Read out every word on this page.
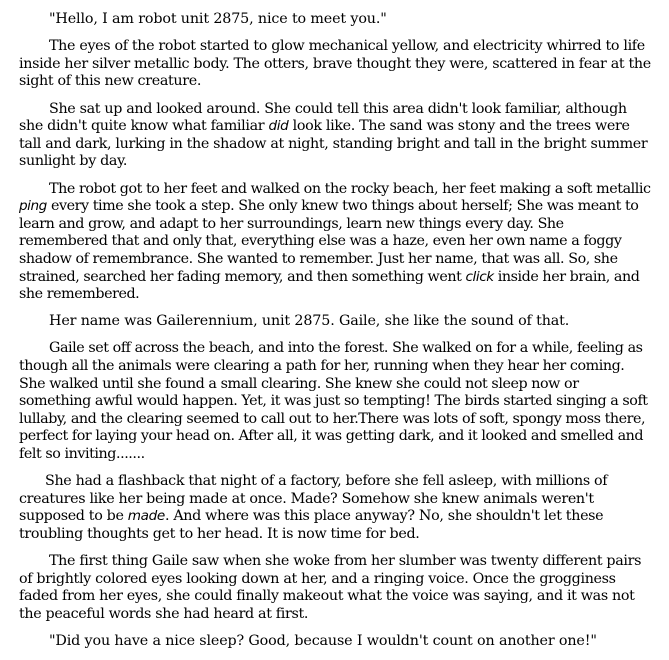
"Hello, I am robot unit 2875, nice to meet you."

The eyes of the robot started to glow mechanical yellow, and electricity whirred to life inside her silver metallic body. The otters, brave thought they were, scattered in fear at the sight of this new creature.

She sat up and looked around. She could tell this area didn't look familiar, although she didn't quite know what familiar did look like. The sand was stony and the trees were tall and dark, lurking in the shadow at night, standing bright and tall in the bright summer sunlight by day.

The robot got to her feet and walked on the rocky beach, her feet making a soft metallic ping every time she took a step. She only knew two things about herself; She was meant to learn and grow, and adapt to her surroundings, learn new things every day. She remembered that and only that, everything else was a haze, even her own name a foggy shadow of remembrance. She wanted to remember. Just her name, that was all. So, she strained, searched her fading memory, and then something went click inside her brain, and she remembered.

Her name was Gailerennium, unit 2875. Gaile, she like the sound of that.

Gaile set off across the beach, and into the forest. She walked on for a while, feeling as though all the animals were clearing a path for her, running when they hear her coming. She walked until she found a small clearing. She knew she could not sleep now or something awful would happen. Yet, it was just so tempting! The birds started singing a soft lullaby, and the clearing seemed to call out to her.There was lots of soft, spongy moss there, perfect for laying your head on. After all, it was getting dark, and it looked and smelled and felt so inviting.......

She had a flashback that night of a factory, before she fell asleep, with millions of creatures like her being made at once. Made? Somehow she knew animals weren't supposed to be made. And where was this place anyway? No, she shouldn't let these troubling thoughts get to her head. It is now time for bed.

The first thing Gaile saw when she woke from her slumber was twenty different pairs of brightly colored eyes looking down at her, and a ringing voice. Once the grogginess faded from her eyes, she could finally makeout what the voice was saying, and it was not the peaceful words she had heard at first.

"Did you have a nice sleep? Good, because I wouldn't count on another one!"
